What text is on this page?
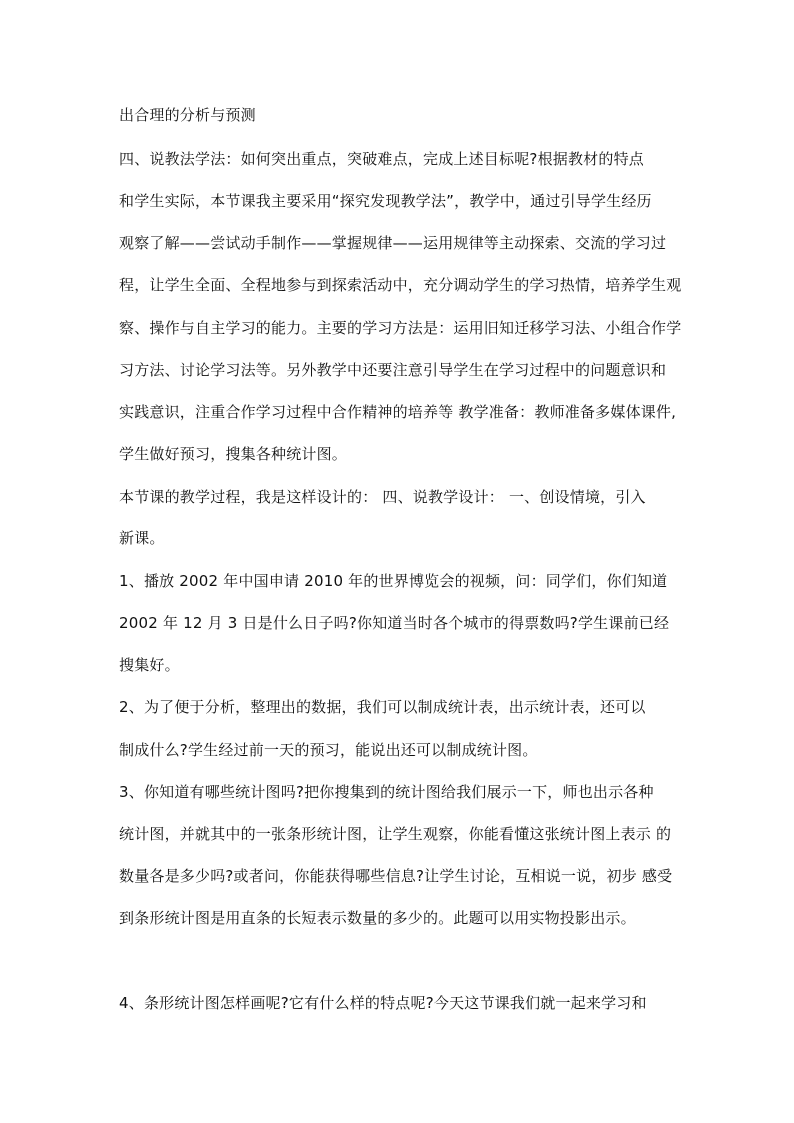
出合理的分析与预测
四、说教法学法：如何突出重点，突破难点，完成上述目标呢?根据教材的特点
和学生实际，本节课我主要采用“探究发现教学法”，教学中，通过引导学生经历
观察了解——尝试动手制作——掌握规律——运用规律等主动探索、交流的学习过
程，让学生全面、全程地参与到探索活动中，充分调动学生的学习热情，培养学生观
察、操作与自主学习的能力。主要的学习方法是：运用旧知迁移学习法、小组合作学
习方法、讨论学习法等。另外教学中还要注意引导学生在学习过程中的问题意识和
实践意识，注重合作学习过程中合作精神的培养等 教学准备：教师准备多媒体课件,
学生做好预习，搜集各种统计图。
本节课的教学过程，我是这样设计的： 四、说教学设计： 一、创设情境，引入
新课。
1、播放 2002 年中国申请 2010 年的世界博览会的视频，问：同学们，你们知道
2002 年 12 月 3 日是什么日子吗?你知道当时各个城市的得票数吗?学生课前已经
搜集好。
2、为了便于分析，整理出的数据，我们可以制成统计表，出示统计表，还可以
制成什么?学生经过前一天的预习，能说出还可以制成统计图。
3、你知道有哪些统计图吗?把你搜集到的统计图给我们展示一下，师也出示各种
统计图，并就其中的一张条形统计图，让学生观察，你能看懂这张统计图上表示 的
数量各是多少吗?或者问，你能获得哪些信息?让学生讨论，互相说一说，初步 感受
到条形统计图是用直条的长短表示数量的多少的。此题可以用实物投影出示。
4、条形统计图怎样画呢?它有什么样的特点呢?今天这节课我们就一起来学习和
